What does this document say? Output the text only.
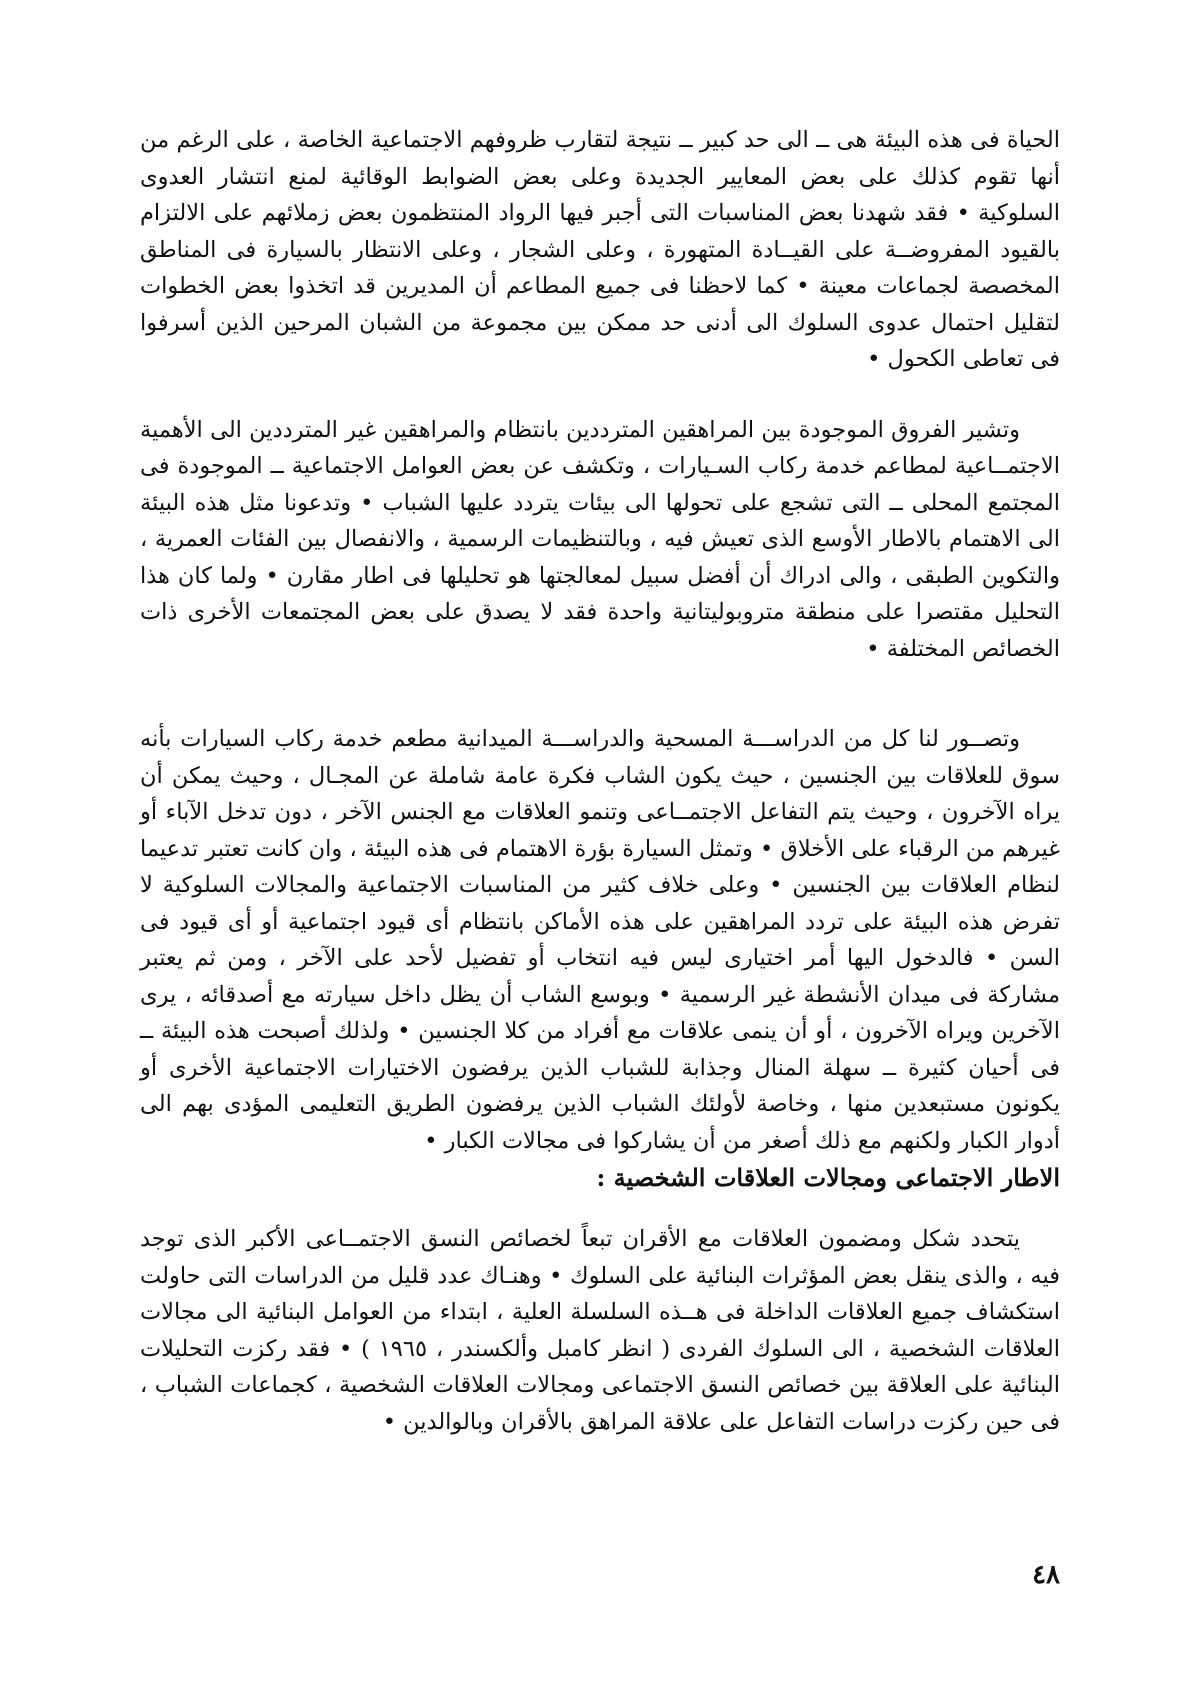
الحياة فى هذه البيئة هى ــ الى حد كبير ــ نتيجة لتقارب ظروفهم الاجتماعية الخاصة ، على الرغم من أنها تقوم كذلك على بعض المعايير الجديدة وعلى بعض الضوابط الوقائية لمنع انتشار العدوى السلوكية • فقد شهدنا بعض المناسبات التى أجبر فيها الرواد المنتظمون بعض زملائهم على الالتزام بالقيود المفروضــة على القيــادة المتهورة ، وعلى الشجار ، وعلى الانتظار بالسيارة فى المناطق المخصصة لجماعات معينة • كما لاحظنا فى جميع المطاعم أن المديرين قد اتخذوا بعض الخطوات لتقليل احتمال عدوى السلوك الى أدنى حد ممكن بين مجموعة من الشبان المرحين الذين أسرفوا فى تعاطى الكحول •

وتشير الفروق الموجودة بين المراهقين المترددين بانتظام والمراهقين غير المترددين الى الأهمية الاجتمــاعية لمطاعم خدمة ركاب السـيارات ، وتكشف عن بعض العوامل الاجتماعية ــ الموجودة فى المجتمع المحلى ــ التى تشجع على تحولها الى بيئات يتردد عليها الشباب • وتدعونا مثل هذه البيئة الى الاهتمام بالاطار الأوسع الذى تعيش فيه ، وبالتنظيمات الرسمية ، والانفصال بين الفئات العمرية ، والتكوين الطبقى ، والى ادراك أن أفضل سبيل لمعالجتها هو تحليلها فى اطار مقارن • ولما كان هذا التحليل مقتصرا على منطقة متروبوليتانية واحدة فقد لا يصدق على بعض المجتمعات الأخرى ذات الخصائص المختلفة •

وتصــور لنا كل من الدراســـة المسحية والدراســـة الميدانية مطعم خدمة ركاب السيارات بأنه سوق للعلاقات بين الجنسين ، حيث يكون الشاب فكرة عامة شاملة عن المجـال ، وحيث يمكن أن يراه الآخرون ، وحيث يتم التفاعل الاجتمــاعى وتنمو العلاقات مع الجنس الآخر ، دون تدخل الآباء أو غيرهم من الرقباء على الأخلاق • وتمثل السيارة بؤرة الاهتمام فى هذه البيئة ، وان كانت تعتبر تدعيما لنظام العلاقات بين الجنسين • وعلى خلاف كثير من المناسبات الاجتماعية والمجالات السلوكية لا تفرض هذه البيئة على تردد المراهقين على هذه الأماكن بانتظام أى قيود اجتماعية أو أى قيود فى السن • فالدخول اليها أمر اختيارى ليس فيه انتخاب أو تفضيل لأحد على الآخر ، ومن ثم يعتبر مشاركة فى ميدان الأنشطة غير الرسمية • وبوسع الشاب أن يظل داخل سيارته مع أصدقائه ، يرى الآخرين ويراه الآخرون ، أو أن ينمى علاقات مع أفراد من كلا الجنسين • ولذلك أصبحت هذه البيئة ــ فى أحيان كثيرة ــ سهلة المنال وجذابة للشباب الذين يرفضون الاختيارات الاجتماعية الأخرى أو يكونون مستبعدين منها ، وخاصة لأولئك الشباب الذين يرفضون الطريق التعليمى المؤدى بهم الى أدوار الكبار ولكنهم مع ذلك أصغر من أن يشاركوا فى مجالات الكبار •

الاطار الاجتماعى ومجالات العلاقات الشخصية :

يتحدد شكل ومضمون العلاقات مع الأقران تبعاً لخصائص النسق الاجتمــاعى الأكبر الذى توجد فيه ، والذى ينقل بعض المؤثرات البنائية على السلوك • وهنـاك عدد قليل من الدراسات التى حاولت استكشاف جميع العلاقات الداخلة فى هــذه السلسلة العلية ، ابتداء من العوامل البنائية الى مجالات العلاقات الشخصية ، الى السلوك الفردى ( انظر كامبل وألكسندر ، ١٩٦٥ ) • فقد ركزت التحليلات البنائية على العلاقة بين خصائص النسق الاجتماعى ومجالات العلاقات الشخصية ، كجماعات الشباب ، فى حين ركزت دراسات التفاعل على علاقة المراهق بالأقران وبالوالدين •

٤٨
